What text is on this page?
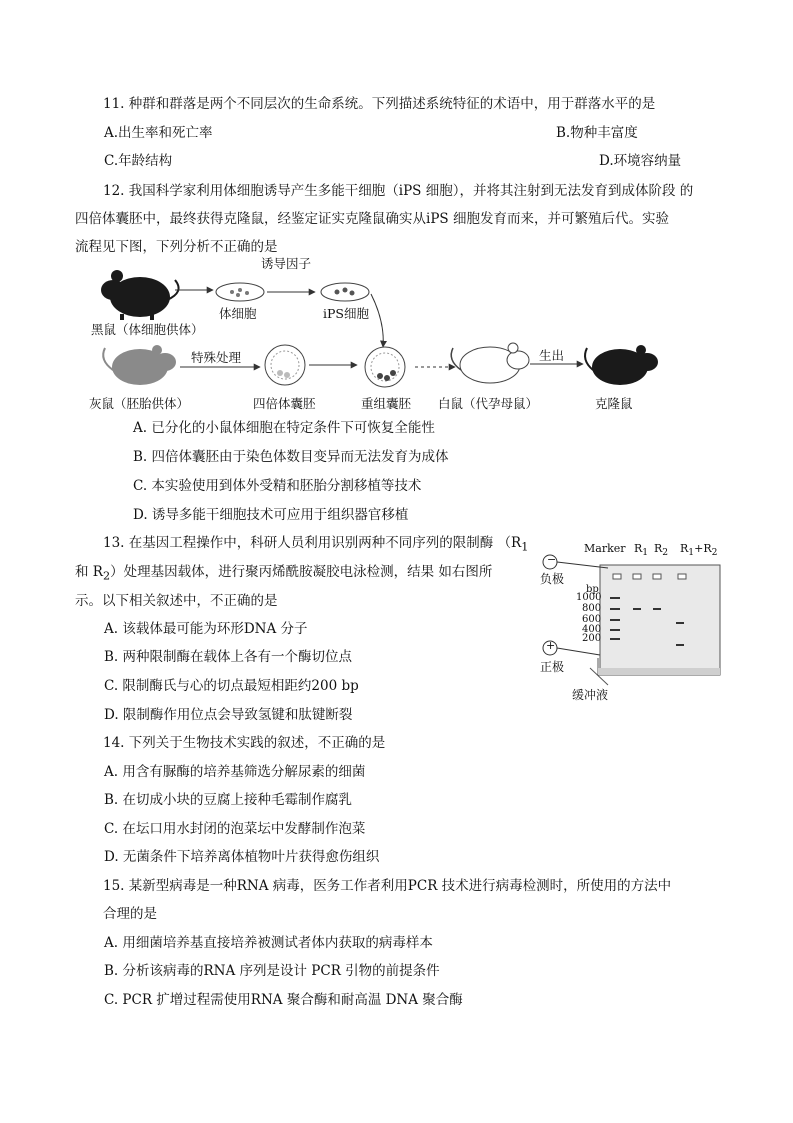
11. 种群和群落是两个不同层次的生命系统。下列描述系统特征的术语中，用于群落水平的是
A.出生率和死亡率	B.物种丰富度
C.年龄结构	D.环境容纳量
12. 我国科学家利用体细胞诱导产生多能干细胞（iPS 细胞），并将其注射到无法发育到成体阶段 的
四倍体囊胚中，最终获得克隆鼠，经鉴定证实克隆鼠确实从iPS 细胞发育而来，并可繁殖后代。实验
流程见下图，下列分析不正确的是
黑鼠（体细胞供体）
诱导因子
体细胞	iPS细胞
特殊处理
灰鼠（胚胎供体）	四倍体囊胚	重组囊胚 白鼠（代孕母鼠）
生出
克隆鼠
A. 已分化的小鼠体细胞在特定条件下可恢复全能性
B. 四倍体囊胚由于染色体数目变异而无法发育为成体
C. 本实验使用到体外受精和胚胎分割移植等技术
D. 诱导多能干细胞技术可应用于组织器官移植
13. 在基因工程操作中，科研人员利用识别两种不同序列的限制酶 （$R_1$
和 $R_2$）处理基因载体，进行聚丙烯酰胺凝胶电泳检测，结果 如右图所
示。以下相关叙述中，不正确的是
A. 该载体最可能为环形DNA 分子
B. 两种限制酶在载体上各有一个酶切位点
C. 限制酶氏与心的切点最短相距约200 bp
D. 限制酶作用位点会导致氢键和肽键断裂
−
+
Marker $R_1$ $R_2$ $R_1+R_2$
负极
bp
1000
800
600
400
200
正极
缓冲液
14. 下列关于生物技术实践的叙述，不正确的是
A. 用含有脲酶的培养基筛选分解尿素的细菌
B. 在切成小块的豆腐上接种毛霉制作腐乳
C. 在坛口用水封闭的泡菜坛中发酵制作泡菜
D. 无菌条件下培养离体植物叶片获得愈伤组织
15. 某新型病毒是一种RNA 病毒，医务工作者利用PCR 技术进行病毒检测时，所使用的方法中
合理的是
A. 用细菌培养基直接培养被测试者体内获取的病毒样本
B. 分析该病毒的RNA 序列是设计 PCR 引物的前提条件
C. PCR 扩增过程需使用RNA 聚合酶和耐高温 DNA 聚合酶
